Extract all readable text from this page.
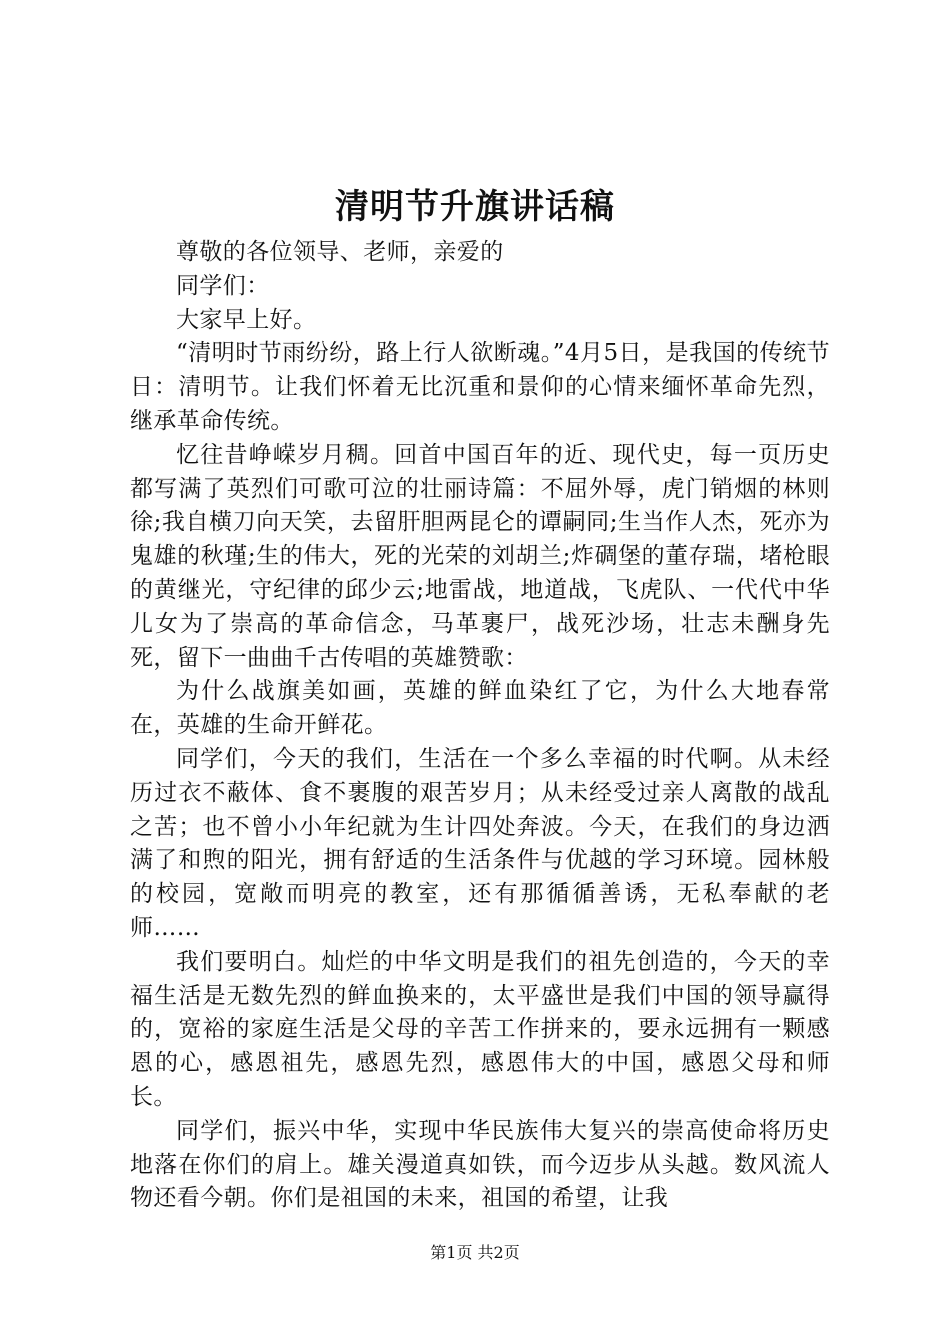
清明节升旗讲话稿

尊敬的各位领导、老师，亲爱的

同学们：

大家早上好。

“清明时节雨纷纷，路上行人欲断魂。”4月5日，是我国的传统节日：清明节。让我们怀着无比沉重和景仰的心情来缅怀革命先烈，继承革命传统。

忆往昔峥嵘岁月稠。回首中国百年的近、现代史，每一页历史都写满了英烈们可歌可泣的壮丽诗篇：不屈外辱，虎门销烟的林则徐;我自横刀向天笑，去留肝胆两昆仑的谭嗣同;生当作人杰，死亦为鬼雄的秋瑾;生的伟大，死的光荣的刘胡兰;炸碉堡的董存瑞，堵枪眼的黄继光，守纪律的邱少云;地雷战，地道战，飞虎队、一代代中华儿女为了崇高的革命信念，马革裹尸，战死沙场，壮志未酬身先死，留下一曲曲千古传唱的英雄赞歌：

为什么战旗美如画，英雄的鲜血染红了它，为什么大地春常在，英雄的生命开鲜花。

同学们，今天的我们，生活在一个多么幸福的时代啊。从未经历过衣不蔽体、食不裹腹的艰苦岁月；从未经受过亲人离散的战乱之苦；也不曾小小年纪就为生计四处奔波。今天，在我们的身边洒满了和煦的阳光，拥有舒适的生活条件与优越的学习环境。园林般的校园，宽敞而明亮的教室，还有那循循善诱，无私奉献的老师……

我们要明白。灿烂的中华文明是我们的祖先创造的，今天的幸福生活是无数先烈的鲜血换来的，太平盛世是我们中国的领导赢得的，宽裕的家庭生活是父母的辛苦工作拼来的，要永远拥有一颗感恩的心，感恩祖先，感恩先烈，感恩伟大的中国，感恩父母和师长。

同学们，振兴中华，实现中华民族伟大复兴的崇高使命将历史地落在你们的肩上。雄关漫道真如铁，而今迈步从头越。数风流人物还看今朝。你们是祖国的未来，祖国的希望，让我

第1页 共2页
